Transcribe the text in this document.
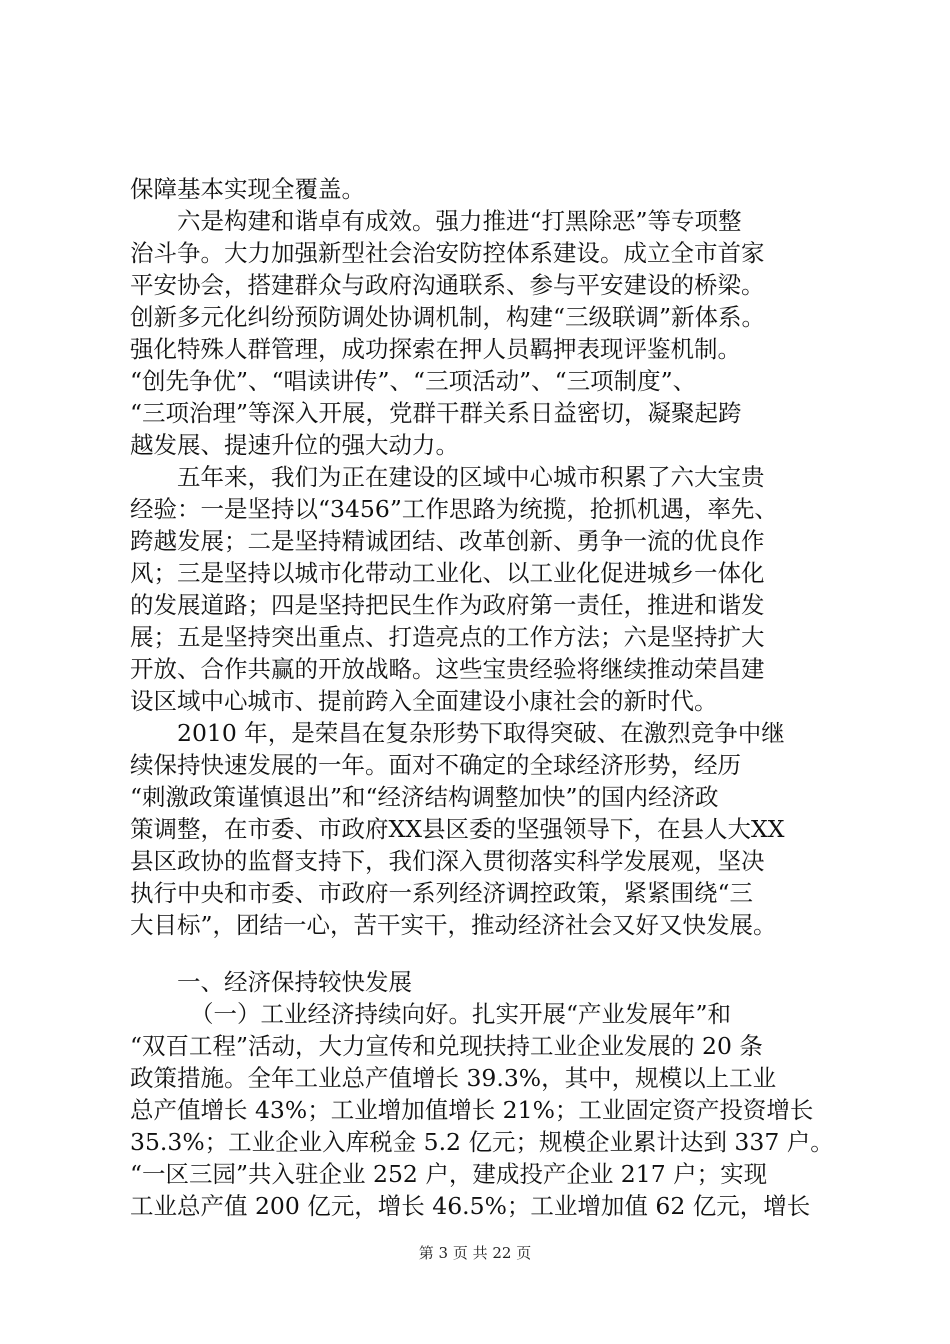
保障基本实现全覆盖。

六是构建和谐卓有成效。强力推进“打黑除恶”等专项整

治斗争。大力加强新型社会治安防控体系建设。成立全市首家

平安协会，搭建群众与政府沟通联系、参与平安建设的桥梁。

创新多元化纠纷预防调处协调机制，构建“三级联调”新体系。

强化特殊人群管理，成功探索在押人员羁押表现评鉴机制。

“创先争优”、“唱读讲传”、“三项活动”、“三项制度”、

“三项治理”等深入开展，党群干群关系日益密切，凝聚起跨

越发展、提速升位的强大动力。

五年来，我们为正在建设的区域中心城市积累了六大宝贵

经验：一是坚持以“3456”工作思路为统揽，抢抓机遇，率先、

跨越发展；二是坚持精诚团结、改革创新、勇争一流的优良作

风；三是坚持以城市化带动工业化、以工业化促进城乡一体化

的发展道路；四是坚持把民生作为政府第一责任，推进和谐发

展；五是坚持突出重点、打造亮点的工作方法；六是坚持扩大

开放、合作共赢的开放战略。这些宝贵经验将继续推动荣昌建

设区域中心城市、提前跨入全面建设小康社会的新时代。

2010 年，是荣昌在复杂形势下取得突破、在激烈竞争中继

续保持快速发展的一年。面对不确定的全球经济形势，经历

“刺激政策谨慎退出”和“经济结构调整加快”的国内经济政

策调整，在市委、市政府XX县区委的坚强领导下，在县人大XX

县区政协的监督支持下，我们深入贯彻落实科学发展观，坚决

执行中央和市委、市政府一系列经济调控政策，紧紧围绕“三

大目标”，团结一心，苦干实干，推动经济社会又好又快发展。

一、经济保持较快发展

（一）工业经济持续向好。扎实开展“产业发展年”和

“双百工程”活动，大力宣传和兑现扶持工业企业发展的 20 条

政策措施。全年工业总产值增长 39.3%，其中，规模以上工业

总产值增长 43%；工业增加值增长 21%；工业固定资产投资增长

35.3%；工业企业入库税金 5.2 亿元；规模企业累计达到 337 户。

“一区三园”共入驻企业 252 户，建成投产企业 217 户；实现

工业总产值 200 亿元，增长 46.5%；工业增加值 62 亿元，增长

第 3 页 共 22 页
